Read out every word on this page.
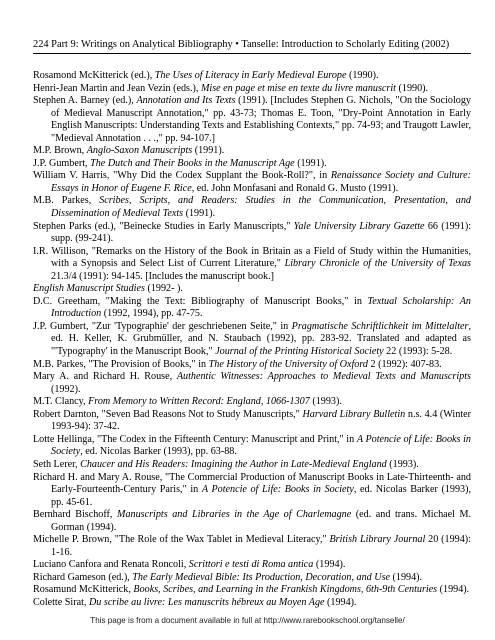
224 Part 9: Writings on Analytical Bibliography • Tanselle: Introduction to Scholarly Editing (2002)

Rosamond McKitterick (ed.), The Uses of Literacy in Early Medieval Europe (1990).

Henri-Jean Martin and Jean Vezin (eds.), Mise en page et mise en texte du livre manuscrit (1990).

Stephen A. Barney (ed.), Annotation and Its Texts (1991). [Includes Stephen G. Nichols, "On the Sociology of Medieval Manuscript Annotation," pp. 43-73; Thomas E. Toon, "Dry-Point Annotation in Early English Manuscripts: Understanding Texts and Establishing Contexts," pp. 74-93; and Traugott Lawler, "Medieval Annotation . . .," pp. 94-107.]

M.P. Brown, Anglo-Saxon Manuscripts (1991).

J.P. Gumbert, The Dutch and Their Books in the Manuscript Age (1991).

William V. Harris, "Why Did the Codex Supplant the Book-Roll?", in Renaissance Society and Culture: Essays in Honor of Eugene F. Rice, ed. John Monfasani and Ronald G. Musto (1991).

M.B. Parkes, Scribes, Scripts, and Readers: Studies in the Communication, Presentation, and Dissemination of Medieval Texts (1991).

Stephen Parks (ed.), "Beinecke Studies in Early Manuscripts," Yale University Library Gazette 66 (1991): supp. (99-241).

I.R. Willison, "Remarks on the History of the Book in Britain as a Field of Study within the Humanities, with a Synopsis and Select List of Current Literature," Library Chronicle of the University of Texas 21.3/4 (1991): 94-145. [Includes the manuscript book.]

English Manuscript Studies (1992- ).

D.C. Greetham, "Making the Text: Bibliography of Manuscript Books," in Textual Scholarship: An Introduction (1992, 1994), pp. 47-75.

J.P. Gumbert, "Zur 'Typographie' der geschriebenen Seite," in Pragmatische Schriftlichkeit im Mittelalter, ed. H. Keller, K. Grubmüller, and N. Staubach (1992), pp. 283-92. Translated and adapted as "'Typography' in the Manuscript Book," Journal of the Printing Historical Society 22 (1993): 5-28.

M.B. Parkes, "The Provision of Books," in The History of the University of Oxford 2 (1992): 407-83.

Mary A. and Richard H. Rouse, Authentic Witnesses: Approaches to Medieval Texts and Manuscripts (1992).

M.T. Clancy, From Memory to Written Record: England, 1066-1307 (1993).

Robert Darnton, "Seven Bad Reasons Not to Study Manuscripts," Harvard Library Bulletin n.s. 4.4 (Winter 1993-94): 37-42.

Lotte Hellinga, "The Codex in the Fifteenth Century: Manuscript and Print," in A Potencie of Life: Books in Society, ed. Nicolas Barker (1993), pp. 63-88.

Seth Lerer, Chaucer and His Readers: Imagining the Author in Late-Medieval England (1993).

Richard H. and Mary A. Rouse, "The Commercial Production of Manuscript Books in Late-Thirteenth- and Early-Fourteenth-Century Paris," in A Potencie of Life: Books in Society, ed. Nicolas Barker (1993), pp. 45-61.

Bernhard Bischoff, Manuscripts and Libraries in the Age of Charlemagne (ed. and trans. Michael M. Gorman (1994).

Michelle P. Brown, "The Role of the Wax Tablet in Medieval Literacy," British Library Journal 20 (1994): 1-16.

Luciano Canfora and Renata Roncoli, Scrittori e testi di Roma antica (1994).

Richard Gameson (ed.), The Early Medieval Bible: Its Production, Decoration, and Use (1994).

Rosamund McKitterick, Books, Scribes, and Learning in the Frankish Kingdoms, 6th-9th Centuries (1994).

Colette Sirat, Du scribe au livre: Les manuscrits hébreux au Moyen Age (1994).

This page is from a document available in full at http://www.rarebookschool.org/tanselle/
